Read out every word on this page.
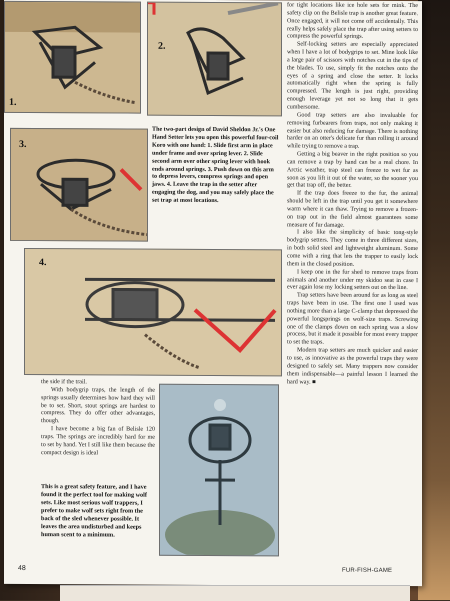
1.
2.
3.

The two-part design of David Sheldon Jr.'s One Hand Setter lets you open this powerful four-coil Koro with one hand: 1. Slide first arm in place under frame and over spring lever. 2. Slide second arm over other spring lever with hook ends around springs. 3. Push down on this arm to depress levers, compress springs and open jaws. 4. Leave the trap in the setter after engaging the dog, and you may safely place the set trap at most locations.

4.

for tight locations like ice hole sets for mink. The safety clip on the Belisle trap is another great feature. Once engaged, it will not come off accidentally. This really helps safely place the trap after using setters to compress the powerful springs.

Self-locking setters are especially appreciated when I have a lot of bodygrips to set. Mine look like a large pair of scissors with notches cut in the tips of the blades. To use, simply fit the notches onto the eyes of a spring and close the setter. It locks automatically right when the spring is fully compressed. The length is just right, providing enough leverage yet not so long that it gets cumbersome.

Good trap setters are also invaluable for removing furbearers from traps, not only making it easier but also reducing fur damage. There is nothing harder on an otter's delicate fur than rolling it around while trying to remove a trap.

Getting a big beaver in the right position so you can remove a trap by hand can be a real chore. In Arctic weather, trap steel can freeze to wet fur as soon as you lift it out of the water, so the sooner you get that trap off, the better.

If the trap does freeze to the fur, the animal should be left in the trap until you get it somewhere warm where it can thaw. Trying to remove a frozen-on trap out in the field almost guarantees some measure of fur damage.

I also like the simplicity of basic tong-style bodygrip setters. They come in three different sizes, in both solid steel and lightweight aluminum. Some come with a ring that lets the trapper to easily lock them in the closed position.

I keep one in the fur shed to remove traps from animals and another under my skidoo seat in case I ever again lose my locking setters out on the line.

Trap setters have been around for as long as steel traps have been in use. The first one I used was nothing more than a large C-clamp that depressed the powerful longsprings on wolf-size traps. Screwing one of the clamps down on each spring was a slow process, but it made it possible for most every trapper to set the traps.

Modern trap setters are much quicker and easier to use, as innovative as the powerful traps they were designed to safely set. Many trappers now consider them indispensable—a painful lesson I learned the hard way. ■

the side if the trail.

With bodygrip traps, the length of the springs usually determines how hard they will be to set. Short, stout springs are hardest to compress. They do offer other advantages, though.

I have become a big fan of Belisle 120 traps. The springs are incredibly hard for me to set by hand. Yet I still like them because the compact design is ideal

This is a great safety feature, and I have found it the perfect tool for making wolf sets. Like most serious wolf trappers, I prefer to make wolf sets right from the back of the sled whenever possible. It leaves the area undisturbed and keeps human scent to a minimum.
48	FUR-FISH-GAME
